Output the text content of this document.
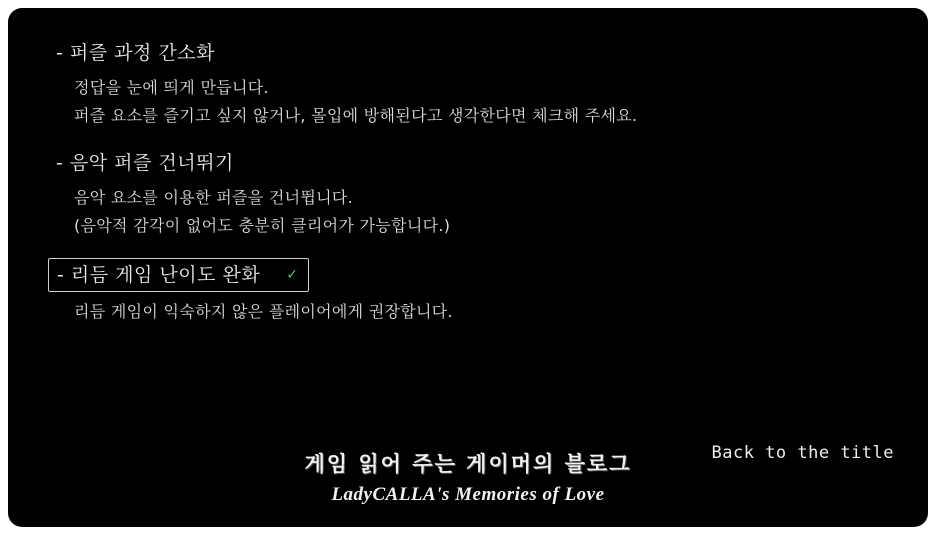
- 퍼즐 과정 간소화
정답을 눈에 띄게 만듭니다.
퍼즐 요소를 즐기고 싶지 않거나, 몰입에 방해된다고 생각한다면 체크해 주세요.
- 음악 퍼즐 건너뛰기
음악 요소를 이용한 퍼즐을 건너뜁니다.
(음악적 감각이 없어도 충분히 클리어가 가능합니다.)
- 리듬 게임 난이도 완화 ✓
리듬 게임이 익숙하지 않은 플레이어에게 권장합니다.
게임 읽어 주는 게이머의 블로그
LadyCALLA's Memories of Love
Back to the title
